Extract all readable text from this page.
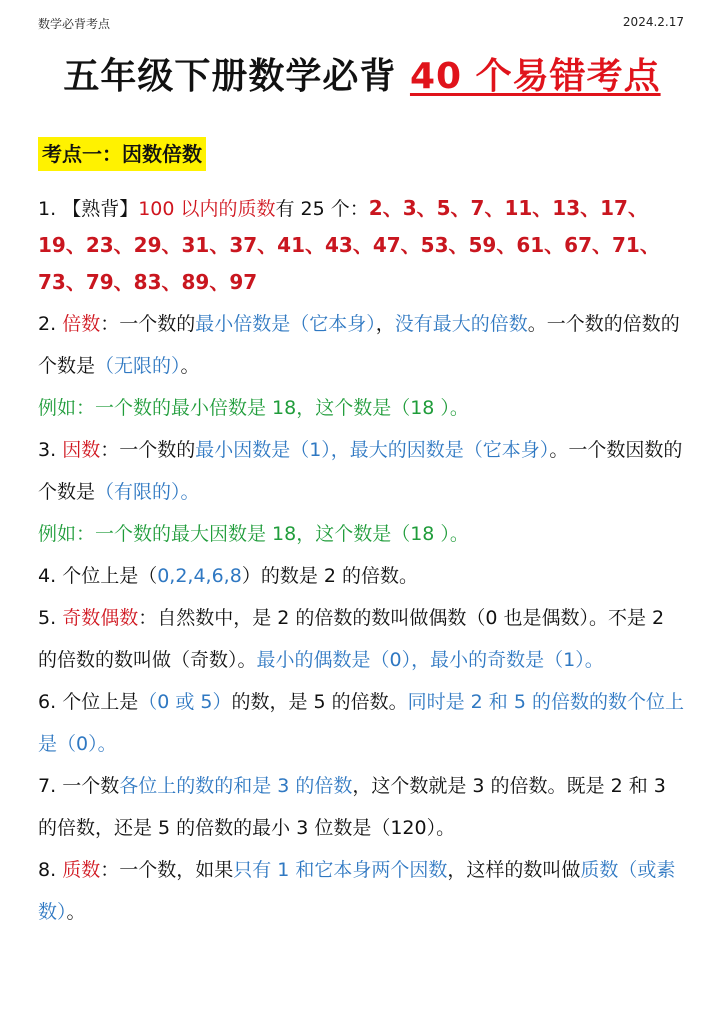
数学必背考点	2024.2.17
五年级下册数学必背 40 个易错考点
考点一：因数倍数

1. 【熟背】100 以内的质数有 25 个：2、3、5、7、11、13、17、19、23、29、31、37、41、43、47、53、59、61、67、71、73、79、83、89、97

2. 倍数：一个数的最小倍数是（它本身），没有最大的倍数。一个数的倍数的个数是（无限的）。

例如：一个数的最小倍数是 18，这个数是（18 ）。

3. 因数：一个数的最小因数是（1），最大的因数是（它本身）。一个数因数的个数是（有限的）。

例如：一个数的最大因数是 18，这个数是（18 ）。

4. 个位上是（0,2,4,6,8）的数是 2 的倍数。

5. 奇数偶数：自然数中，是 2 的倍数的数叫做偶数（0 也是偶数）。不是 2 的倍数的数叫做（奇数）。最小的偶数是（0），最小的奇数是（1）。

6. 个位上是（0 或 5）的数，是 5 的倍数。同时是 2 和 5 的倍数的数个位上是（0）。

7. 一个数各位上的数的和是 3 的倍数，这个数就是 3 的倍数。既是 2 和 3 的倍数，还是 5 的倍数的最小 3 位数是（120）。

8. 质数：一个数，如果只有 1 和它本身两个因数，这样的数叫做质数（或素数）。
